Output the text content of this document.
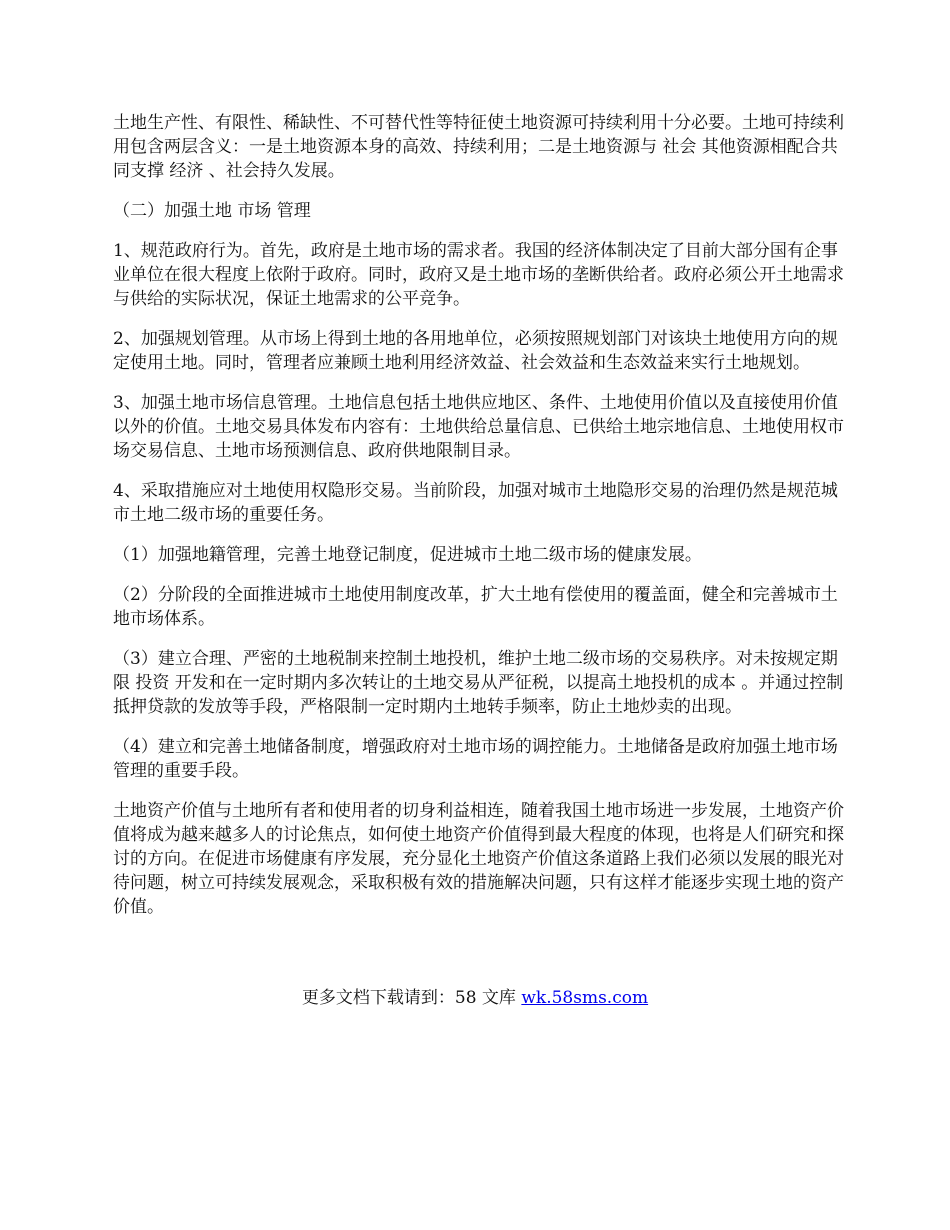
土地生产性、有限性、稀缺性、不可替代性等特征使土地资源可持续利用十分必要。土地可持续利用包含两层含义：一是土地资源本身的高效、持续利用；二是土地资源与 社会 其他资源相配合共同支撑 经济 、社会持久发展。

（二）加强土地 市场 管理

1、规范政府行为。首先，政府是土地市场的需求者。我国的经济体制决定了目前大部分国有企事业单位在很大程度上依附于政府。同时，政府又是土地市场的垄断供给者。政府必须公开土地需求与供给的实际状况，保证土地需求的公平竞争。

2、加强规划管理。从市场上得到土地的各用地单位，必须按照规划部门对该块土地使用方向的规定使用土地。同时，管理者应兼顾土地利用经济效益、社会效益和生态效益来实行土地规划。

3、加强土地市场信息管理。土地信息包括土地供应地区、条件、土地使用价值以及直接使用价值以外的价值。土地交易具体发布内容有：土地供给总量信息、已供给土地宗地信息、土地使用权市场交易信息、土地市场预测信息、政府供地限制目录。

4、采取措施应对土地使用权隐形交易。当前阶段，加强对城市土地隐形交易的治理仍然是规范城市土地二级市场的重要任务。

（1）加强地籍管理，完善土地登记制度，促进城市土地二级市场的健康发展。

（2）分阶段的全面推进城市土地使用制度改革，扩大土地有偿使用的覆盖面，健全和完善城市土地市场体系。

（3）建立合理、严密的土地税制来控制土地投机，维护土地二级市场的交易秩序。对未按规定期限 投资 开发和在一定时期内多次转让的土地交易从严征税，以提高土地投机的成本 。并通过控制抵押贷款的发放等手段，严格限制一定时期内土地转手频率，防止土地炒卖的出现。

（4）建立和完善土地储备制度，增强政府对土地市场的调控能力。土地储备是政府加强土地市场管理的重要手段。

土地资产价值与土地所有者和使用者的切身利益相连，随着我国土地市场进一步发展，土地资产价值将成为越来越多人的讨论焦点，如何使土地资产价值得到最大程度的体现，也将是人们研究和探讨的方向。在促进市场健康有序发展，充分显化土地资产价值这条道路上我们必须以发展的眼光对待问题，树立可持续发展观念，采取积极有效的措施解决问题，只有这样才能逐步实现土地的资产价值。

更多文档下载请到：58 文库 wk.58sms.com
